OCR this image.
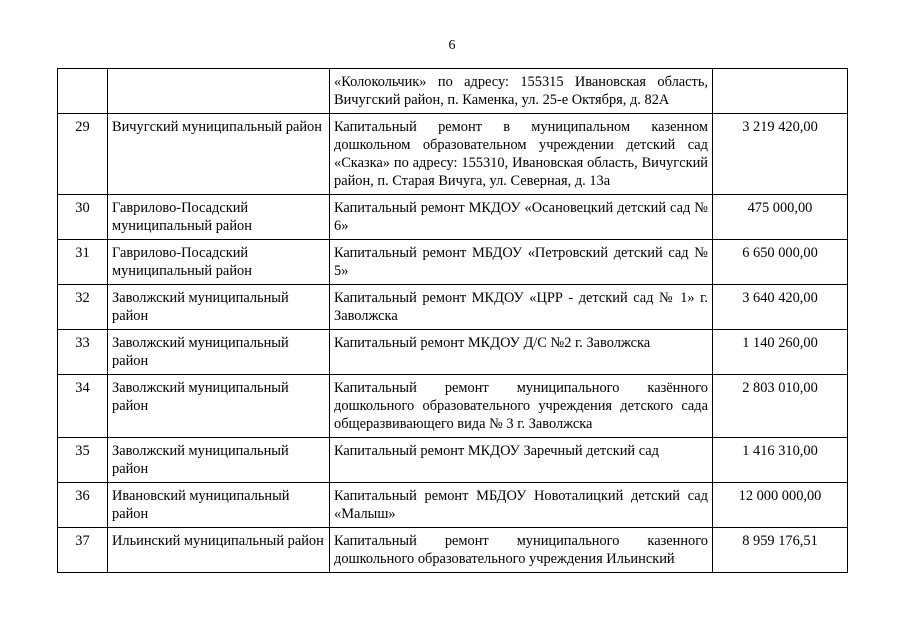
6
		«Колокольчик» по адресу: 155315 Ивановская область, Вичугский район, п. Каменка, ул. 25-е Октября, д. 82А	
29	Вичугский муниципальный район	Капитальный ремонт в муниципальном казенном дошкольном образовательном учреждении детский сад «Сказка» по адресу: 155310, Ивановская область, Вичугский район, п. Старая Вичуга, ул. Северная, д. 13а	3 219 420,00
30	Гаврилово-Посадский муниципальный район	Капитальный ремонт МКДОУ «Осановецкий детский сад № 6»	475 000,00
31	Гаврилово-Посадский муниципальный район	Капитальный ремонт МБДОУ «Петровский детский сад № 5»	6 650 000,00
32	Заволжский муниципальный район	Капитальный ремонт МКДОУ «ЦРР - детский сад № 1» г. Заволжска	3 640 420,00
33	Заволжский муниципальный район	Капитальный ремонт МКДОУ Д/С №2 г. Заволжска	1 140 260,00
34	Заволжский муниципальный район	Капитальный ремонт муниципального казённого дошкольного образовательного учреждения детского сада общеразвивающего вида № 3 г. Заволжска	2 803 010,00
35	Заволжский муниципальный район	Капитальный ремонт МКДОУ Заречный детский сад	1 416 310,00
36	Ивановский муниципальный район	Капитальный ремонт МБДОУ Новоталицкий детский сад «Малыш»	12 000 000,00
37	Ильинский муниципальный район	Капитальный ремонт муниципального казенного дошкольного образовательного учреждения Ильинский	8 959 176,51
